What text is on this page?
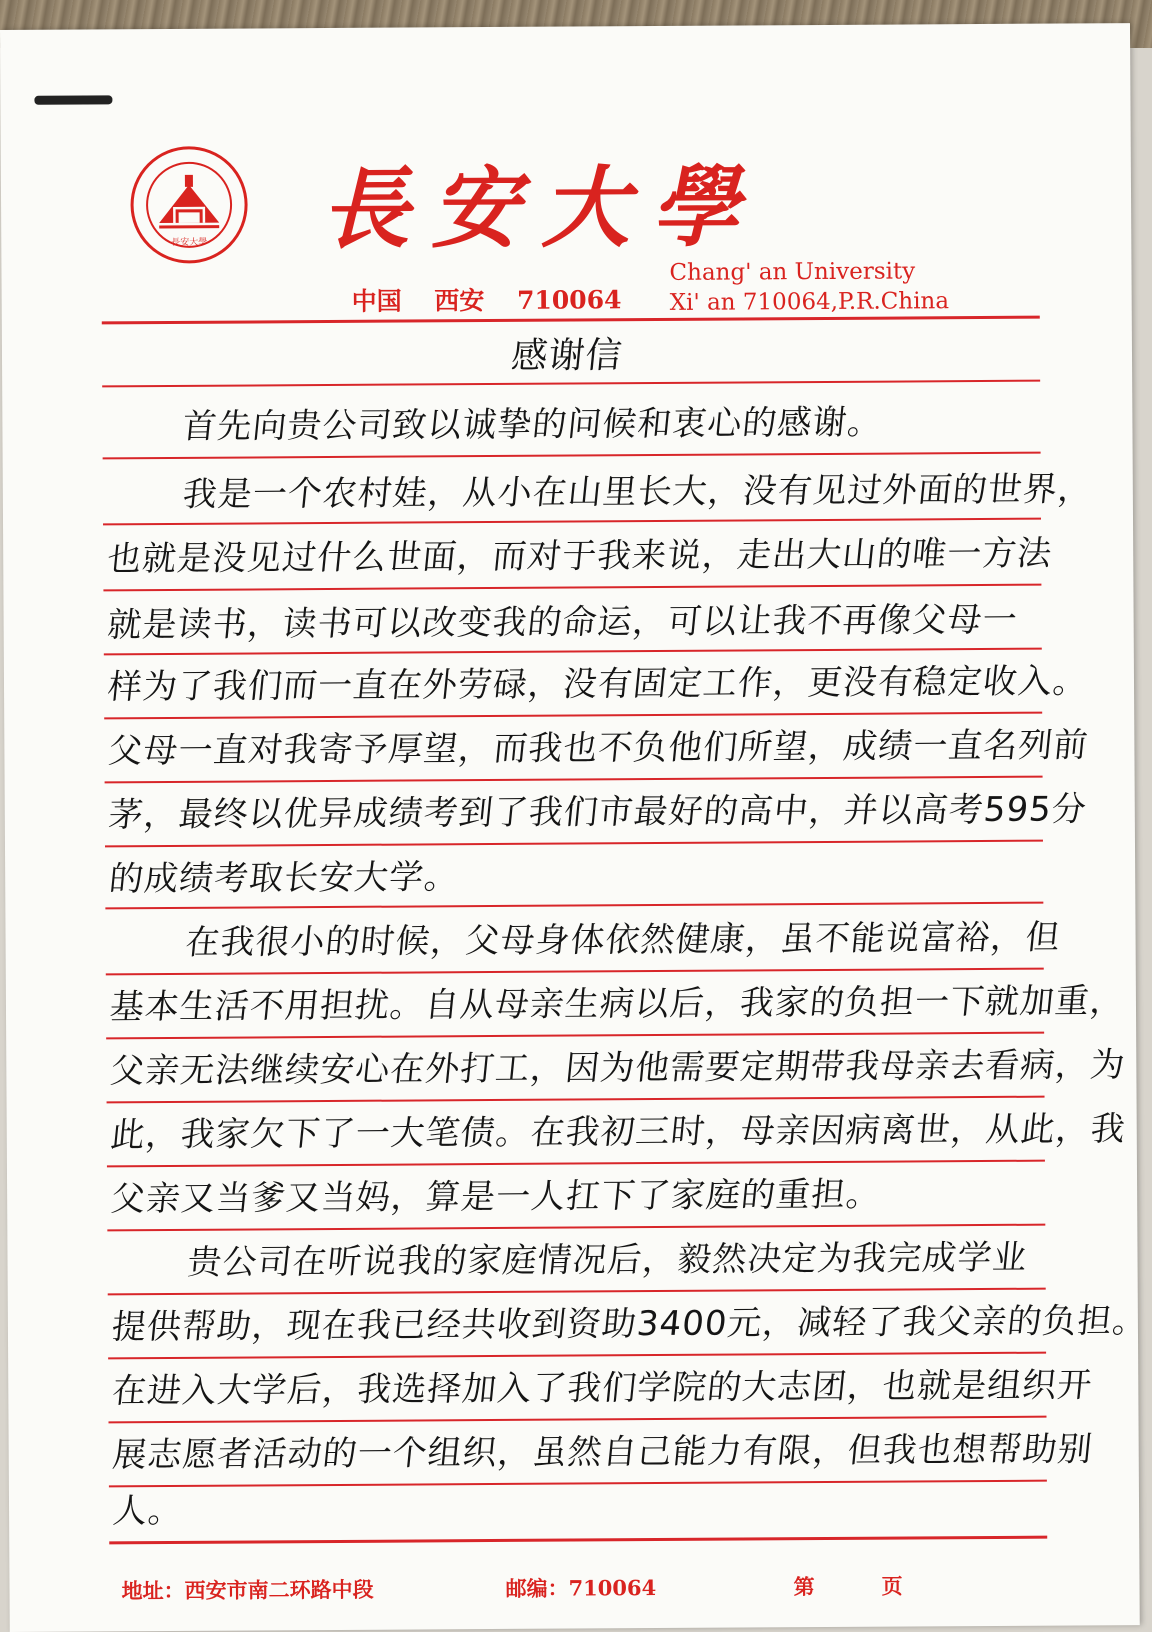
長安大學 長安大學
中国 西安 710064
Chang' an University
Xi' an 710064,P.R.China
感谢信
首先向贵公司致以诚挚的问候和衷心的感谢。
我是一个农村娃，从小在山里长大，没有见过外面的世界，
也就是没见过什么世面，而对于我来说，走出大山的唯一方法
就是读书，读书可以改变我的命运，可以让我不再像父母一
样为了我们而一直在外劳碌，没有固定工作，更没有稳定收入。
父母一直对我寄予厚望，而我也不负他们所望，成绩一直名列前
茅，最终以优异成绩考到了我们市最好的高中，并以高考595分
的成绩考取长安大学。
在我很小的时候，父母身体依然健康，虽不能说富裕，但
基本生活不用担扰。自从母亲生病以后，我家的负担一下就加重，
父亲无法继续安心在外打工，因为他需要定期带我母亲去看病，为
此，我家欠下了一大笔债。在我初三时，母亲因病离世，从此，我
父亲又当爹又当妈，算是一人扛下了家庭的重担。
贵公司在听说我的家庭情况后，毅然决定为我完成学业
提供帮助，现在我已经共收到资助3400元，减轻了我父亲的负担。
在进入大学后，我选择加入了我们学院的大志团，也就是组织开
展志愿者活动的一个组织，虽然自己能力有限，但我也想帮助别
人。
地址：西安市南二环路中段	邮编：710064	第	页
